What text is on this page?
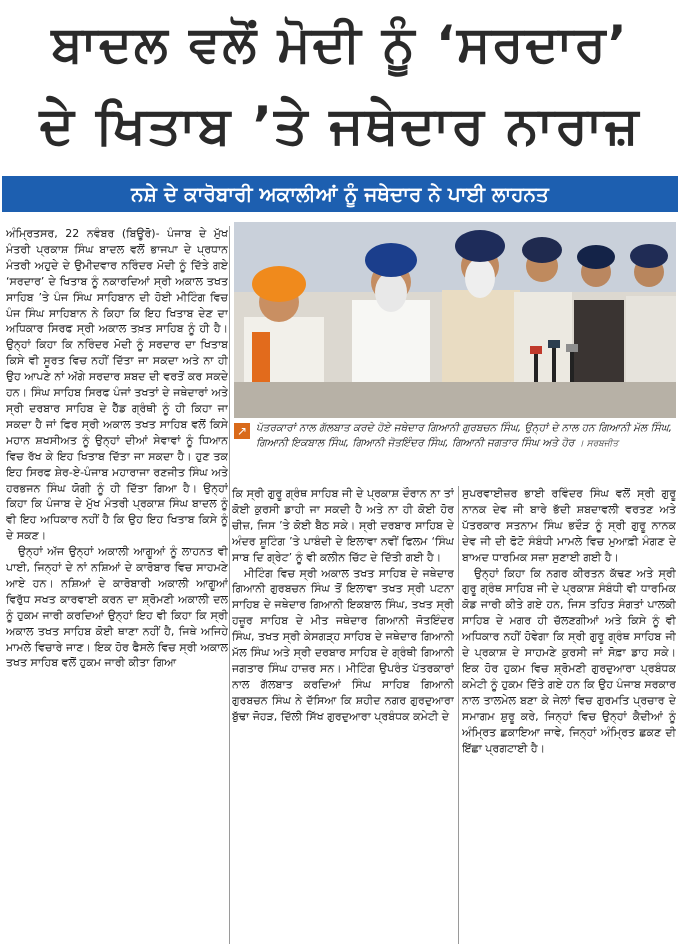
ਬਾਦਲ ਵਲੋਂ ਮੋਦੀ ਨੂੰ ‘ਸਰਦਾਰ’
ਦੇ ਖਿਤਾਬ ’ਤੇ ਜਥੇਦਾਰ ਨਾਰਾਜ਼
ਨਸ਼ੇ ਦੇ ਕਾਰੋਬਾਰੀ ਅਕਾਲੀਆਂ ਨੂੰ ਜਥੇਦਾਰ ਨੇ ਪਾਈ ਲਾਹਨਤ

ਅੰਮ੍ਰਿਤਸਰ, 22 ਨਵੰਬਰ (ਬਿਊਰੋ)- ਪੰਜਾਬ ਦੇ ਮੁੱਖ ਮੰਤਰੀ ਪ੍ਰਕਾਸ਼ ਸਿੰਘ ਬਾਦਲ ਵਲੋਂ ਭਾਜਪਾ ਦੇ ਪ੍ਰਧਾਨ ਮੰਤਰੀ ਅਹੁਦੇ ਦੇ ਉਮੀਦਵਾਰ ਨਰਿੰਦਰ ਮੋਦੀ ਨੂੰ ਦਿੱਤੇ ਗਏ ‘ਸਰਦਾਰ’ ਦੇ ਖਿਤਾਬ ਨੂੰ ਨਕਾਰਦਿਆਂ ਸ੍ਰੀ ਅਕਾਲ ਤਖਤ ਸਾਹਿਬ ’ਤੇ ਪੰਜ ਸਿੰਘ ਸਾਹਿਬਾਨ ਦੀ ਹੋਈ ਮੀਟਿੰਗ ਵਿਚ ਪੰਜ ਸਿੰਘ ਸਾਹਿਬਾਨ ਨੇ ਕਿਹਾ ਕਿ ਇਹ ਖਿਤਾਬ ਦੇਣ ਦਾ ਅਧਿਕਾਰ ਸਿਰਫ ਸ੍ਰੀ ਅਕਾਲ ਤਖ਼ਤ ਸਾਹਿਬ ਨੂੰ ਹੀ ਹੈ। ਉਨ੍ਹਾਂ ਕਿਹਾ ਕਿ ਨਰਿੰਦਰ ਮੋਦੀ ਨੂੰ ਸਰਦਾਰ ਦਾ ਖਿਤਾਬ ਕਿਸੇ ਵੀ ਸੂਰਤ ਵਿਚ ਨਹੀਂ ਦਿੱਤਾ ਜਾ ਸਕਦਾ ਅਤੇ ਨਾ ਹੀ ਉਹ ਆਪਣੇ ਨਾਂ ਅੱਗੇ ਸਰਦਾਰ ਸ਼ਬਦ ਦੀ ਵਰਤੋਂ ਕਰ ਸਕਦੇ ਹਨ। ਸਿੰਘ ਸਾਹਿਬ ਸਿਰਫ ਪੰਜਾਂ ਤਖਤਾਂ ਦੇ ਜਥੇਦਾਰਾਂ ਅਤੇ ਸ੍ਰੀ ਦਰਬਾਰ ਸਾਹਿਬ ਦੇ ਹੈੱਡ ਗ੍ਰੰਥੀ ਨੂੰ ਹੀ ਕਿਹਾ ਜਾ ਸਕਦਾ ਹੈ ਜਾਂ ਫਿਰ ਸ੍ਰੀ ਅਕਾਲ ਤਖਤ ਸਾਹਿਬ ਵਲੋਂ ਕਿਸੇ ਮਹਾਨ ਸ਼ਖਸੀਅਤ ਨੂੰ ਉਨ੍ਹਾਂ ਦੀਆਂ ਸੇਵਾਵਾਂ ਨੂੰ ਧਿਆਨ ਵਿਚ ਰੱਖ ਕੇ ਇਹ ਖਿਤਾਬ ਦਿੱਤਾ ਜਾ ਸਕਦਾ ਹੈ। ਹੁਣ ਤਕ ਇਹ ਸਿਰਫ ਸ਼ੇਰ-ਏ-ਪੰਜਾਬ ਮਹਾਰਾਜਾ ਰਣਜੀਤ ਸਿੰਘ ਅਤੇ ਹਰਭਜਨ ਸਿੰਘ ਯੋਗੀ ਨੂੰ ਹੀ ਦਿੱਤਾ ਗਿਆ ਹੈ। ਉਨ੍ਹਾਂ ਕਿਹਾ ਕਿ ਪੰਜਾਬ ਦੇ ਮੁੱਖ ਮੰਤਰੀ ਪ੍ਰਕਾਸ਼ ਸਿੰਘ ਬਾਦਲ ਨੂੰ ਵੀ ਇਹ ਅਧਿਕਾਰ ਨਹੀਂ ਹੈ ਕਿ ਉਹ ਇਹ ਖਿਤਾਬ ਕਿਸੇ ਨੂੰ ਦੇ ਸਕਣ।

ਉਨ੍ਹਾਂ ਅੱਜ ਉਨ੍ਹਾਂ ਅਕਾਲੀ ਆਗੂਆਂ ਨੂੰ ਲਾਹਨਤ ਵੀ ਪਾਈ, ਜਿਨ੍ਹਾਂ ਦੇ ਨਾਂ ਨਸ਼ਿਆਂ ਦੇ ਕਾਰੋਬਾਰ ਵਿਚ ਸਾਹਮਣੇ ਆਏ ਹਨ। ਨਸ਼ਿਆਂ ਦੇ ਕਾਰੋਬਾਰੀ ਅਕਾਲੀ ਆਗੂਆਂ ਵਿਰੁੱਧ ਸਖਤ ਕਾਰਵਾਈ ਕਰਨ ਦਾ ਸ਼੍ਰੋਮਣੀ ਅਕਾਲੀ ਦਲ ਨੂੰ ਹੁਕਮ ਜਾਰੀ ਕਰਦਿਆਂ ਉਨ੍ਹਾਂ ਇਹ ਵੀ ਕਿਹਾ ਕਿ ਸ੍ਰੀ ਅਕਾਲ ਤਖਤ ਸਾਹਿਬ ਕੋਈ ਥਾਣਾ ਨਹੀਂ ਹੈ, ਜਿਥੇ ਅਜਿਹੇ ਮਾਮਲੇ ਵਿਚਾਰੇ ਜਾਣ। ਇਕ ਹੋਰ ਫੈਸਲੇ ਵਿਚ ਸ੍ਰੀ ਅਕਾਲ ਤਖਤ ਸਾਹਿਬ ਵਲੋਂ ਹੁਕਮ ਜਾਰੀ ਕੀਤਾ ਗਿਆ

↗ ਪੱਤਰਕਾਰਾਂ ਨਾਲ ਗੱਲਬਾਤ ਕਰਦੇ ਹੋਏ ਜਥੇਦਾਰ ਗਿਆਨੀ ਗੁਰਬਚਨ ਸਿੰਘ, ਉਨ੍ਹਾਂ ਦੇ ਨਾਲ ਹਨ ਗਿਆਨੀ ਮੱਲ ਸਿੰਘ, ਗਿਆਨੀ ਇਕਬਾਲ ਸਿੰਘ, ਗਿਆਨੀ ਜੋਤਇੰਦਰ ਸਿੰਘ, ਗਿਆਨੀ ਜਗਤਾਰ ਸਿੰਘ ਅਤੇ ਹੋਰ । ਸਰਬਜੀਤ

ਕਿ ਸ੍ਰੀ ਗੁਰੂ ਗ੍ਰੰਥ ਸਾਹਿਬ ਜੀ ਦੇ ਪ੍ਰਕਾਸ਼ ਦੌਰਾਨ ਨਾ ਤਾਂ ਕੋਈ ਕੁਰਸੀ ਡਾਹੀ ਜਾ ਸਕਦੀ ਹੈ ਅਤੇ ਨਾ ਹੀ ਕੋਈ ਹੋਰ ਚੀਜ਼, ਜਿਸ ’ਤੇ ਕੋਈ ਬੈਠ ਸਕੇ। ਸ੍ਰੀ ਦਰਬਾਰ ਸਾਹਿਬ ਦੇ ਅੰਦਰ ਸ਼ੂਟਿੰਗ ’ਤੇ ਪਾਬੰਦੀ ਦੇ ਇਲਾਵਾ ਨਵੀਂ ਫਿਲਮ ‘ਸਿੰਘ ਸਾਬ ਦਿ ਗ੍ਰੇਟ’ ਨੂੰ ਵੀ ਕਲੀਨ ਚਿੱਟ ਦੇ ਦਿੱਤੀ ਗਈ ਹੈ।

ਮੀਟਿੰਗ ਵਿਚ ਸ੍ਰੀ ਅਕਾਲ ਤਖਤ ਸਾਹਿਬ ਦੇ ਜਥੇਦਾਰ ਗਿਆਨੀ ਗੁਰਬਚਨ ਸਿੰਘ ਤੋਂ ਇਲਾਵਾ ਤਖਤ ਸ੍ਰੀ ਪਟਨਾ ਸਾਹਿਬ ਦੇ ਜਥੇਦਾਰ ਗਿਆਨੀ ਇਕਬਾਲ ਸਿੰਘ, ਤਖਤ ਸ੍ਰੀ ਹਜ਼ੂਰ ਸਾਹਿਬ ਦੇ ਮੀਤ ਜਥੇਦਾਰ ਗਿਆਨੀ ਜੋਤਇੰਦਰ ਸਿੰਘ, ਤਖਤ ਸ੍ਰੀ ਕੇਸਗੜ੍ਹ ਸਾਹਿਬ ਦੇ ਜਥੇਦਾਰ ਗਿਆਨੀ ਮੱਲ ਸਿੰਘ ਅਤੇ ਸ੍ਰੀ ਦਰਬਾਰ ਸਾਹਿਬ ਦੇ ਗ੍ਰੰਥੀ ਗਿਆਨੀ ਜਗਤਾਰ ਸਿੰਘ ਹਾਜ਼ਰ ਸਨ। ਮੀਟਿੰਗ ਉਪਰੰਤ ਪੱਤਰਕਾਰਾਂ ਨਾਲ ਗੱਲਬਾਤ ਕਰਦਿਆਂ ਸਿੰਘ ਸਾਹਿਬ ਗਿਆਨੀ ਗੁਰਬਚਨ ਸਿੰਘ ਨੇ ਦੱਸਿਆ ਕਿ ਸ਼ਹੀਦ ਨਗਰ ਗੁਰਦੁਆਰਾ ਬੁੱਢਾ ਜੋਹੜ, ਦਿੱਲੀ ਸਿੱਖ ਗੁਰਦੁਆਰਾ ਪ੍ਰਬੰਧਕ ਕਮੇਟੀ ਦੇ

ਸੁਪਰਵਾਈਜ਼ਰ ਭਾਈ ਰਵਿੰਦਰ ਸਿੰਘ ਵਲੋਂ ਸ੍ਰੀ ਗੁਰੂ ਨਾਨਕ ਦੇਵ ਜੀ ਬਾਰੇ ਭੱਦੀ ਸ਼ਬਦਾਵਲੀ ਵਰਤਣ ਅਤੇ ਪੱਤਰਕਾਰ ਸਤਨਾਮ ਸਿੰਘ ਭਦੌੜ ਨੂੰ ਸ੍ਰੀ ਗੁਰੂ ਨਾਨਕ ਦੇਵ ਜੀ ਦੀ ਫੋਟੋ ਸੰਬੰਧੀ ਮਾਮਲੇ ਵਿਚ ਮੁਆਫ਼ੀ ਮੰਗਣ ਦੇ ਬਾਅਦ ਧਾਰਮਿਕ ਸਜ਼ਾ ਸੁਣਾਈ ਗਈ ਹੈ।

ਉਨ੍ਹਾਂ ਕਿਹਾ ਕਿ ਨਗਰ ਕੀਰਤਨ ਕੱਢਣ ਅਤੇ ਸ੍ਰੀ ਗੁਰੂ ਗ੍ਰੰਥ ਸਾਹਿਬ ਜੀ ਦੇ ਪ੍ਰਕਾਸ਼ ਸੰਬੰਧੀ ਵੀ ਧਾਰਮਿਕ ਕੋਡ ਜਾਰੀ ਕੀਤੇ ਗਏ ਹਨ, ਜਿਸ ਤਹਿਤ ਸੰਗਤਾਂ ਪਾਲਕੀ ਸਾਹਿਬ ਦੇ ਮਗਰ ਹੀ ਚੱਲਣਗੀਆਂ ਅਤੇ ਕਿਸੇ ਨੂੰ ਵੀ ਅਧਿਕਾਰ ਨਹੀਂ ਹੋਵੇਗਾ ਕਿ ਸ੍ਰੀ ਗੁਰੂ ਗ੍ਰੰਥ ਸਾਹਿਬ ਜੀ ਦੇ ਪ੍ਰਕਾਸ਼ ਦੇ ਸਾਹਮਣੇ ਕੁਰਸੀ ਜਾਂ ਸੋਫ਼ਾ ਡਾਹ ਸਕੇ। ਇਕ ਹੋਰ ਹੁਕਮ ਵਿਚ ਸ਼੍ਰੋਮਣੀ ਗੁਰਦੁਆਰਾ ਪ੍ਰਬੰਧਕ ਕਮੇਟੀ ਨੂੰ ਹੁਕਮ ਦਿੱਤੇ ਗਏ ਹਨ ਕਿ ਉਹ ਪੰਜਾਬ ਸਰਕਾਰ ਨਾਲ ਤਾਲਮੇਲ ਬਣਾ ਕੇ ਜੇਲਾਂ ਵਿਚ ਗੁਰਮਤਿ ਪ੍ਰਚਾਰ ਦੇ ਸਮਾਗਮ ਸ਼ੁਰੂ ਕਰੇ, ਜਿਨ੍ਹਾਂ ਵਿਚ ਉਨ੍ਹਾਂ ਕੈਦੀਆਂ ਨੂੰ ਅੰਮ੍ਰਿਤ ਛਕਾਇਆ ਜਾਵੇ, ਜਿਨ੍ਹਾਂ ਅੰਮ੍ਰਿਤ ਛਕਣ ਦੀ ਇੱਛਾ ਪ੍ਰਗਟਾਈ ਹੈ।
